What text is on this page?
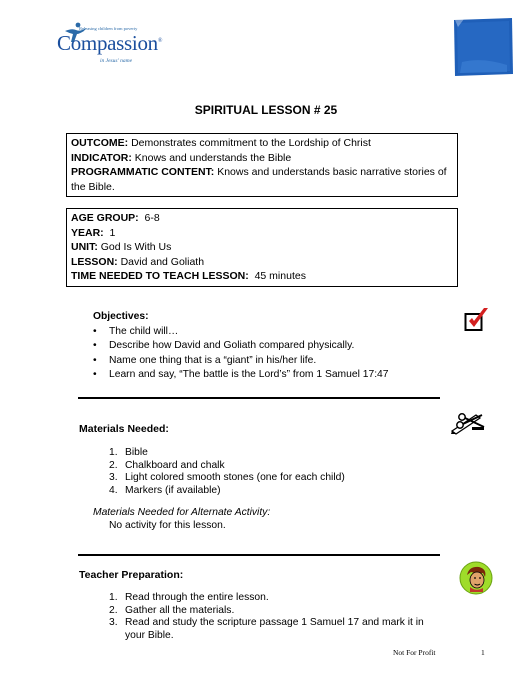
Releasing children from poverty
Compassion®
in Jesus' name
SPIRITUAL LESSON # 25
OUTCOME: Demonstrates commitment to the Lordship of Christ
INDICATOR: Knows and understands the Bible
PROGRAMMATIC CONTENT: Knows and understands basic narrative stories of the Bible.
AGE GROUP:  6-8
YEAR:  1
UNIT: God Is With Us
LESSON: David and Goliath
TIME NEEDED TO TEACH LESSON:  45 minutes
Objectives:
• The child will…
• Describe how David and Goliath compared physically.
• Name one thing that is a “giant” in his/her life.
• Learn and say, “The battle is the Lord’s” from 1 Samuel 17:47
Materials Needed:
1. Bible
2. Chalkboard and chalk
3. Light colored smooth stones (one for each child)
4. Markers (if available)
Materials Needed for Alternate Activity:
No activity for this lesson.
Teacher Preparation:
1. Read through the entire lesson.
2. Gather all the materials.
3. Read and study the scripture passage 1 Samuel 17 and mark it in
your Bible.
Not For Profit	1
